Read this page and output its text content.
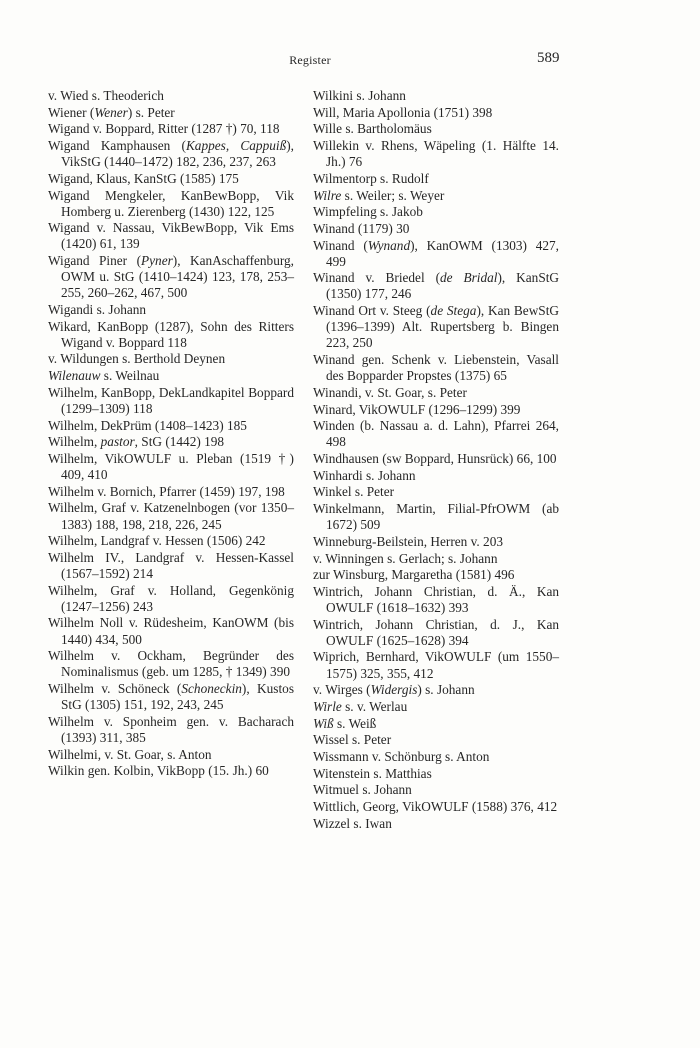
Register	589
v. Wied s. Theoderich
Wiener (Wener) s. Peter
Wigand v. Boppard, Ritter (1287 †) 70, 118
Wigand Kamphausen (Kappes, Cappuiß), VikStG (1440–1472) 182, 236, 237, 263
Wigand, Klaus, KanStG (1585) 175
Wigand Mengkeler, KanBewBopp, Vik Homberg u. Zierenberg (1430) 122, 125
Wigand v. Nassau, VikBewBopp, Vik Ems (1420) 61, 139
Wigand Piner (Pyner), KanAschaffenburg, OWM u. StG (1410–1424) 123, 178, 253–255, 260–262, 467, 500
Wigandi s. Johann
Wikard, KanBopp (1287), Sohn des Ritters Wigand v. Boppard 118
v. Wildungen s. Berthold Deynen
Wilenauw s. Weilnau
Wilhelm, KanBopp, DekLandkapitel Boppard (1299–1309) 118
Wilhelm, DekPrüm (1408–1423) 185
Wilhelm, pastor, StG (1442) 198
Wilhelm, VikOWULF u. Pleban (1519 †) 409, 410
Wilhelm v. Bornich, Pfarrer (1459) 197, 198
Wilhelm, Graf v. Katzenelnbogen (vor 1350–1383) 188, 198, 218, 226, 245
Wilhelm, Landgraf v. Hessen (1506) 242
Wilhelm IV., Landgraf v. Hessen-Kassel (1567–1592) 214
Wilhelm, Graf v. Holland, Gegenkönig (1247–1256) 243
Wilhelm Noll v. Rüdesheim, KanOWM (bis 1440) 434, 500
Wilhelm v. Ockham, Begründer des Nominalismus (geb. um 1285, † 1349) 390
Wilhelm v. Schöneck (Schoneckin), Kustos StG (1305) 151, 192, 243, 245
Wilhelm v. Sponheim gen. v. Bacharach (1393) 311, 385
Wilhelmi, v. St. Goar, s. Anton
Wilkin gen. Kolbin, VikBopp (15. Jh.) 60
Wilkini s. Johann
Will, Maria Apollonia (1751) 398
Wille s. Bartholomäus
Willekin v. Rhens, Wäpeling (1. Hälfte 14. Jh.) 76
Wilmentorp s. Rudolf
Wilre s. Weiler; s. Weyer
Wimpfeling s. Jakob
Winand (1179) 30
Winand (Wynand), KanOWM (1303) 427, 499
Winand v. Briedel (de Bridal), KanStG (1350) 177, 246
Winand Ort v. Steeg (de Stega), Kan BewStG (1396–1399) Alt. Rupertsberg b. Bingen 223, 250
Winand gen. Schenk v. Liebenstein, Vasall des Bopparder Propstes (1375) 65
Winandi, v. St. Goar, s. Peter
Winard, VikOWULF (1296–1299) 399
Winden (b. Nassau a. d. Lahn), Pfarrei 264, 498
Windhausen (sw Boppard, Hunsrück) 66, 100
Winhardi s. Johann
Winkel s. Peter
Winkelmann, Martin, Filial-PfrOWM (ab 1672) 509
Winneburg-Beilstein, Herren v. 203
v. Winningen s. Gerlach; s. Johann
zur Winsburg, Margaretha (1581) 496
Wintrich, Johann Christian, d. Ä., Kan OWULF (1618–1632) 393
Wintrich, Johann Christian, d. J., Kan OWULF (1625–1628) 394
Wiprich, Bernhard, VikOWULF (um 1550–1575) 325, 355, 412
v. Wirges (Widergis) s. Johann
Wirle s. v. Werlau
Wiß s. Weiß
Wissel s. Peter
Wissmann v. Schönburg s. Anton
Witenstein s. Matthias
Witmuel s. Johann
Wittlich, Georg, VikOWULF (1588) 376, 412
Wizzel s. Iwan
